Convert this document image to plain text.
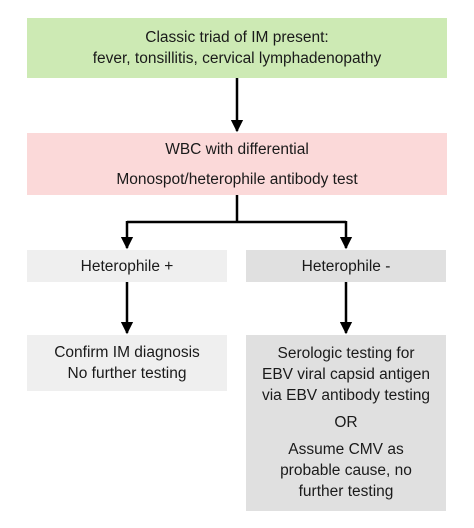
Classic triad of IM present:
fever, tonsillitis, cervical lymphadenopathy
WBC with differential
Monospot/heterophile antibody test
Heterophile +	Heterophile -
Confirm IM diagnosis
No further testing
Serologic testing for
EBV viral capsid antigen
via EBV antibody testing
OR
Assume CMV as
probable cause, no
further testing
